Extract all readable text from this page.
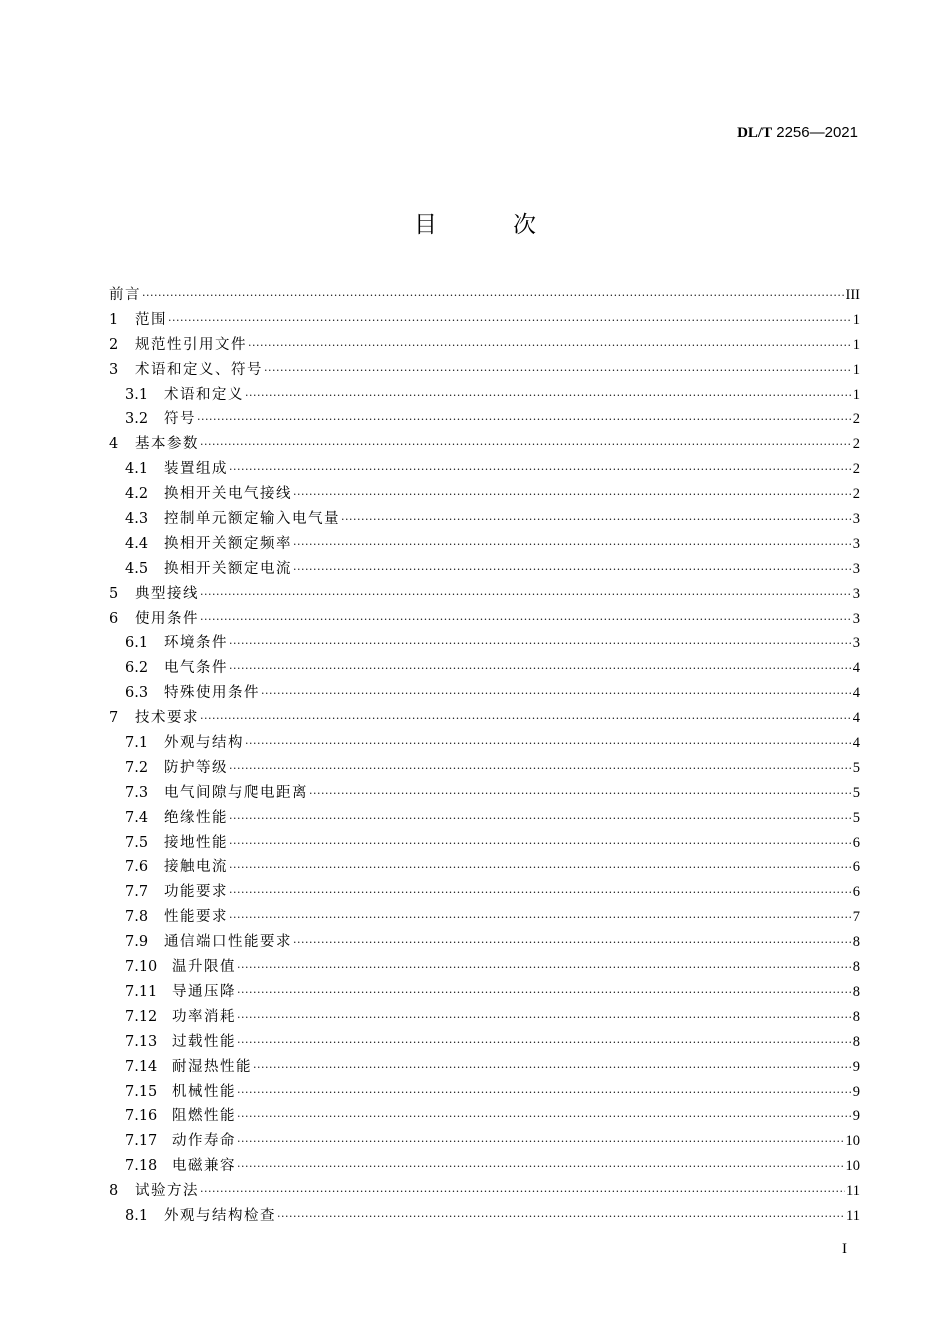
DL/T 2256—2021
目	次
前言 ·····	III
1	范围 ·····	1
2	规范性引用文件 ·····	1
3	术语和定义、符号 ·····	1
3.1	术语和定义 ·····	1
3.2	符号 ·····	2
4	基本参数 ·····	2
4.1	装置组成 ·····	2
4.2	换相开关电气接线 ·····	2
4.3	控制单元额定输入电气量 ·····	3
4.4	换相开关额定频率 ·····	3
4.5	换相开关额定电流 ·····	3
5	典型接线 ·····	3
6	使用条件 ·····	3
6.1	环境条件 ·····	3
6.2	电气条件 ·····	4
6.3	特殊使用条件 ·····	4
7	技术要求 ·····	4
7.1	外观与结构 ·····	4
7.2	防护等级 ·····	5
7.3	电气间隙与爬电距离 ·····	5
7.4	绝缘性能 ·····	5
7.5	接地性能 ·····	6
7.6	接触电流 ·····	6
7.7	功能要求 ·····	6
7.8	性能要求 ·····	7
7.9	通信端口性能要求 ·····	8
7.10	温升限值 ·····	8
7.11	导通压降 ·····	8
7.12	功率消耗 ·····	8
7.13	过载性能 ·····	8
7.14	耐湿热性能 ·····	9
7.15	机械性能 ·····	9
7.16	阻燃性能 ·····	9
7.17	动作寿命 ·····	10
7.18	电磁兼容 ·····	10
8	试验方法 ·····	11
8.1	外观与结构检查 ·····	11
I
